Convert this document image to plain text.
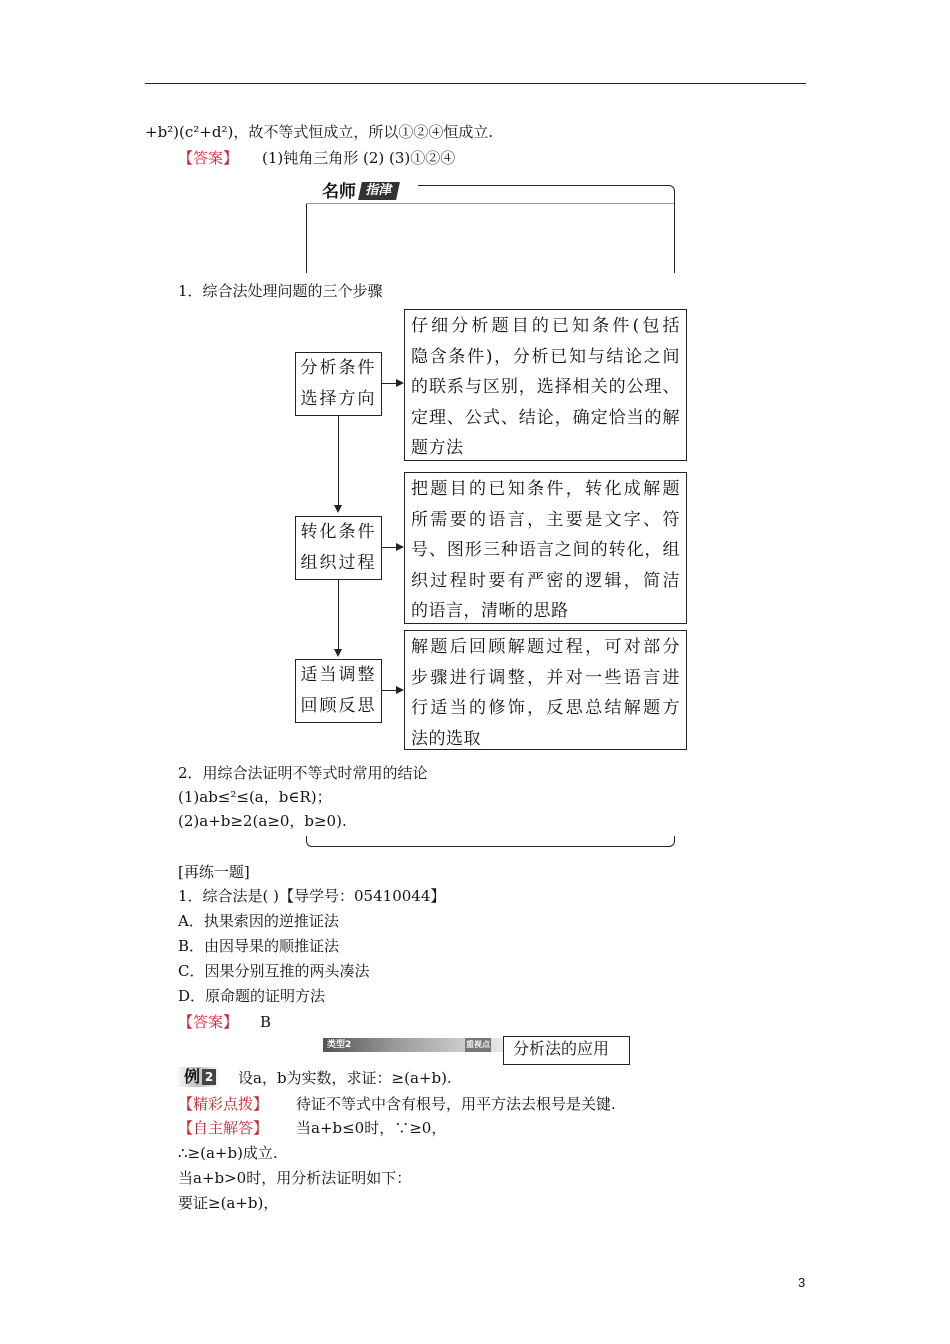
+b²)(c²+d²)，故不等式恒成立，所以①②④恒成立.
【答案】 (1)钝角三角形 (2) (3)①②④
名师 指津
1．综合法处理问题的三个步骤
分析条件
选择方向
转化条件
组织过程
适当调整
回顾反思
仔细分析题目的已知条件(包括
隐含条件)，分析已知与结论之间
的联系与区别，选择相关的公理、
定理、公式、结论，确定恰当的解
题方法
把题目的已知条件，转化成解题
所需要的语言，主要是文字、符
号、图形三种语言之间的转化，组
织过程时要有严密的逻辑，简洁
的语言，清晰的思路
解题后回顾解题过程，可对部分
步骤进行调整，并对一些语言进
行适当的修饰，反思总结解题方
法的选取
2．用综合法证明不等式时常用的结论
(1)ab≤²≤(a，b∈R)；
(2)a+b≥2(a≥0，b≥0).
[再练一题]
1．综合法是( )【导学号：05410044】
A．执果索因的逆推证法
B．由因导果的顺推证法
C．因果分别互推的两头凑法
D．原命题的证明方法
【答案】 B
类型2	重视点 分析法的应用
例 2 设a，b为实数，求证：≥(a+b).
【精彩点拨】 待证不等式中含有根号，用平方法去根号是关键.
【自主解答】 当a+b≤0时，∵≥0，
∴≥(a+b)成立.
当a+b>0时，用分析法证明如下：
要证≥(a+b)，
3
